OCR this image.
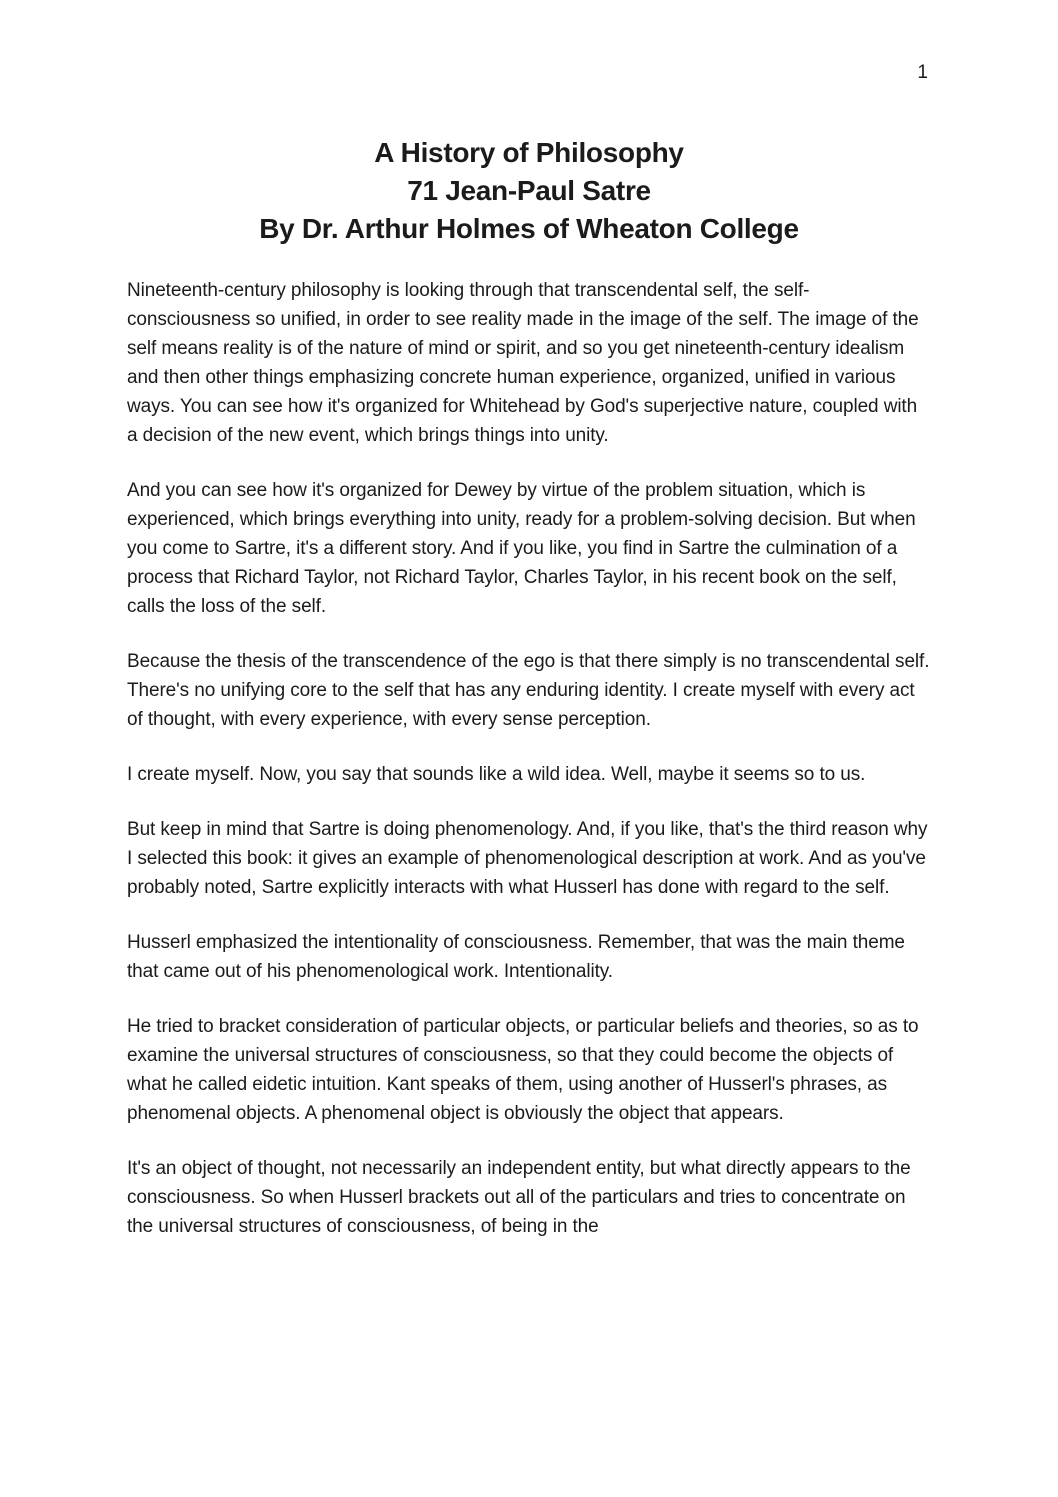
1
A History of Philosophy
71 Jean-Paul Satre
By Dr. Arthur Holmes of Wheaton College

Nineteenth-century philosophy is looking through that transcendental self, the self-consciousness so unified, in order to see reality made in the image of the self. The image of the self means reality is of the nature of mind or spirit, and so you get nineteenth-century idealism and then other things emphasizing concrete human experience, organized, unified in various ways. You can see how it's organized for Whitehead by God's superjective nature, coupled with a decision of the new event, which brings things into unity.

And you can see how it's organized for Dewey by virtue of the problem situation, which is experienced, which brings everything into unity, ready for a problem-solving decision. But when you come to Sartre, it's a different story. And if you like, you find in Sartre the culmination of a process that Richard Taylor, not Richard Taylor, Charles Taylor, in his recent book on the self, calls the loss of the self.

Because the thesis of the transcendence of the ego is that there simply is no transcendental self. There's no unifying core to the self that has any enduring identity. I create myself with every act of thought, with every experience, with every sense perception.

I create myself. Now, you say that sounds like a wild idea. Well, maybe it seems so to us.

But keep in mind that Sartre is doing phenomenology. And, if you like, that's the third reason why I selected this book: it gives an example of phenomenological description at work. And as you've probably noted, Sartre explicitly interacts with what Husserl has done with regard to the self.

Husserl emphasized the intentionality of consciousness. Remember, that was the main theme that came out of his phenomenological work. Intentionality.

He tried to bracket consideration of particular objects, or particular beliefs and theories, so as to examine the universal structures of consciousness, so that they could become the objects of what he called eidetic intuition. Kant speaks of them, using another of Husserl's phrases, as phenomenal objects. A phenomenal object is obviously the object that appears.

It's an object of thought, not necessarily an independent entity, but what directly appears to the consciousness. So when Husserl brackets out all of the particulars and tries to concentrate on the universal structures of consciousness, of being in the
